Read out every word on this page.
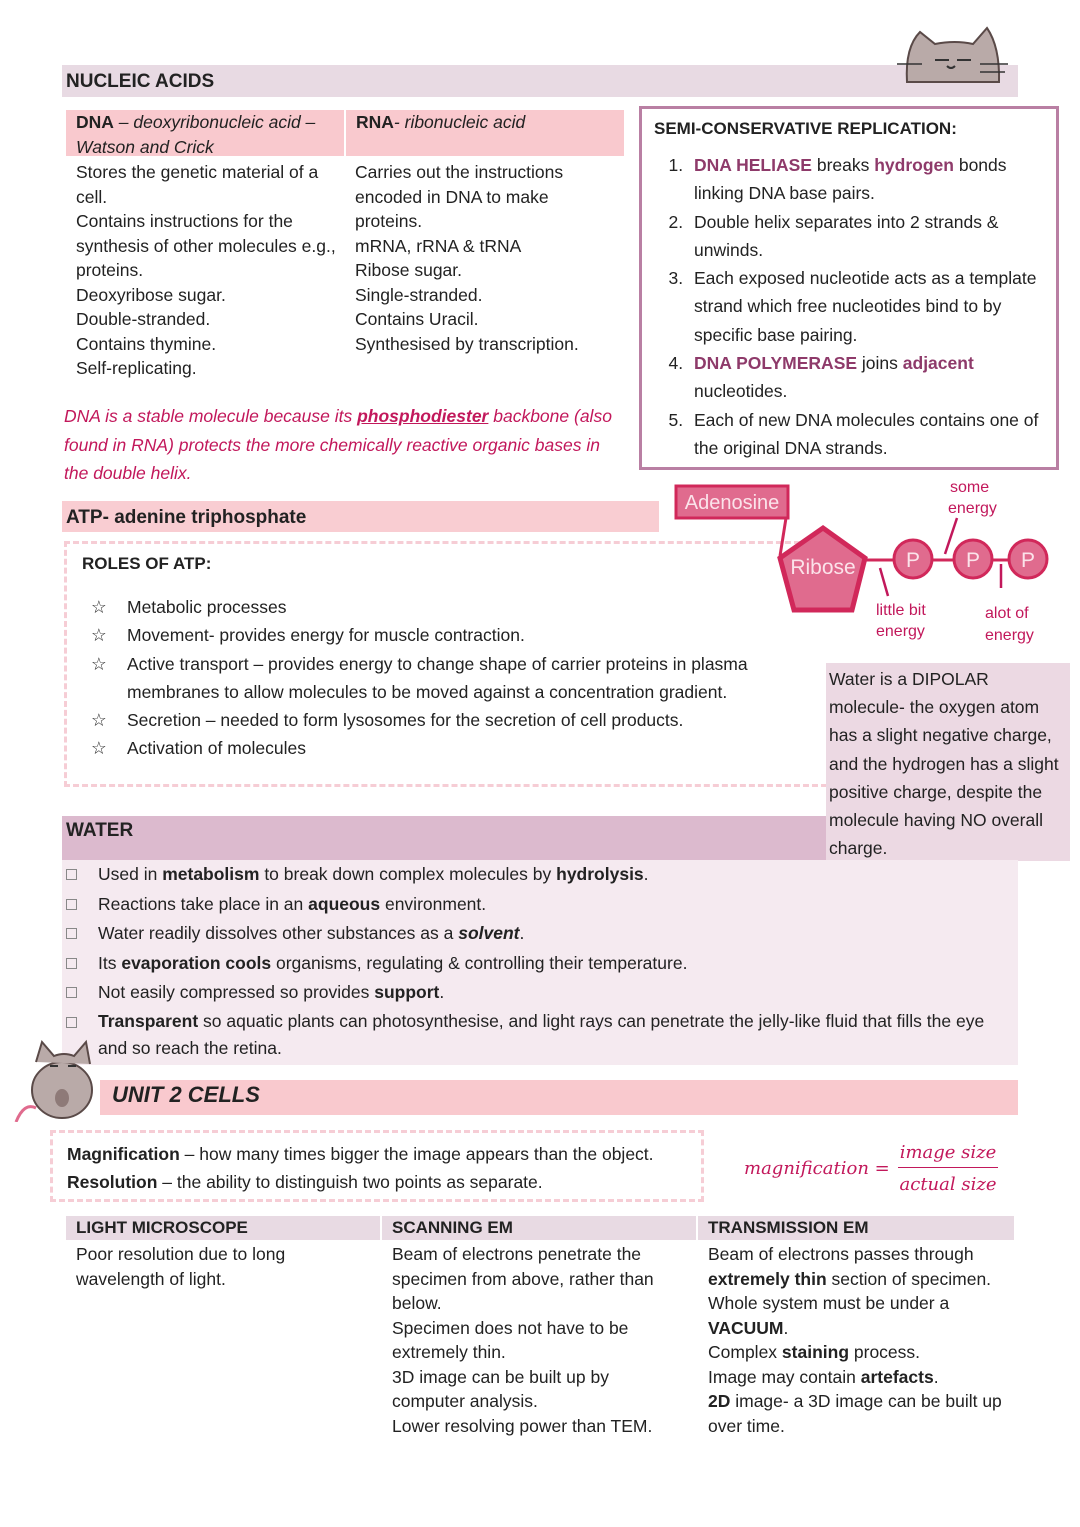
NUCLEIC ACIDS
DNA – deoxyribonucleic acid – Watson and Crick
RNA- ribonucleic acid
Stores the genetic material of a cell.
Contains instructions for the synthesis of other molecules e.g., proteins.
Deoxyribose sugar.
Double-stranded.
Contains thymine.
Self-replicating.
Carries out the instructions encoded in DNA to make proteins.
mRNA, rRNA & tRNA
Ribose sugar.
Single-stranded.
Contains Uracil.
Synthesised by transcription.
DNA is a stable molecule because its phosphodiester backbone (also found in RNA) protects the more chemically reactive organic bases in the double helix.
SEMI-CONSERVATIVE REPLICATION:
1. DNA HELIASE breaks hydrogen bonds linking DNA base pairs.
2. Double helix separates into 2 strands & unwinds.
3. Each exposed nucleotide acts as a template strand which free nucleotides bind to by specific base pairing.
4. DNA POLYMERASE joins adjacent nucleotides.
5. Each of new DNA molecules contains one of the original DNA strands.
ATP- adenine triphosphate
ROLES OF ATP:
☆ Metabolic processes
☆ Movement- provides energy for muscle contraction.
☆ Active transport – provides energy to change shape of carrier proteins in plasma membranes to allow molecules to be moved against a concentration gradient.
☆ Secretion – needed to form lysosomes for the secretion of cell products.
☆ Activation of molecules
Adenosine
Ribose P P P
some
energy
little bit
energy
alot of
energy
Water is a DIPOLAR molecule- the oxygen atom has a slight negative charge, and the hydrogen has a slight positive charge, despite the molecule having NO overall charge.
WATER
Used in metabolism to break down complex molecules by hydrolysis.
Reactions take place in an aqueous environment.
Water readily dissolves other substances as a solvent.
Its evaporation cools organisms, regulating & controlling their temperature.
Not easily compressed so provides support.
Transparent so aquatic plants can photosynthesise, and light rays can penetrate the jelly-like fluid that fills the eye and so reach the retina.
UNIT 2 CELLS
Magnification – how many times bigger the image appears than the object.
Resolution – the ability to distinguish two points as separate.
magnification =
image size
actual size
LIGHT MICROSCOPE	SCANNING EM	TRANSMISSION EM
Poor resolution due to long wavelength of light.
Beam of electrons penetrate the specimen from above, rather than below.
Specimen does not have to be extremely thin.
3D image can be built up by computer analysis.
Lower resolving power than TEM.
Beam of electrons passes through
extremely thin section of specimen.
Whole system must be under a VACUUM.
Complex staining process.
Image may contain artefacts.
2D image- a 3D image can be built up over time.
